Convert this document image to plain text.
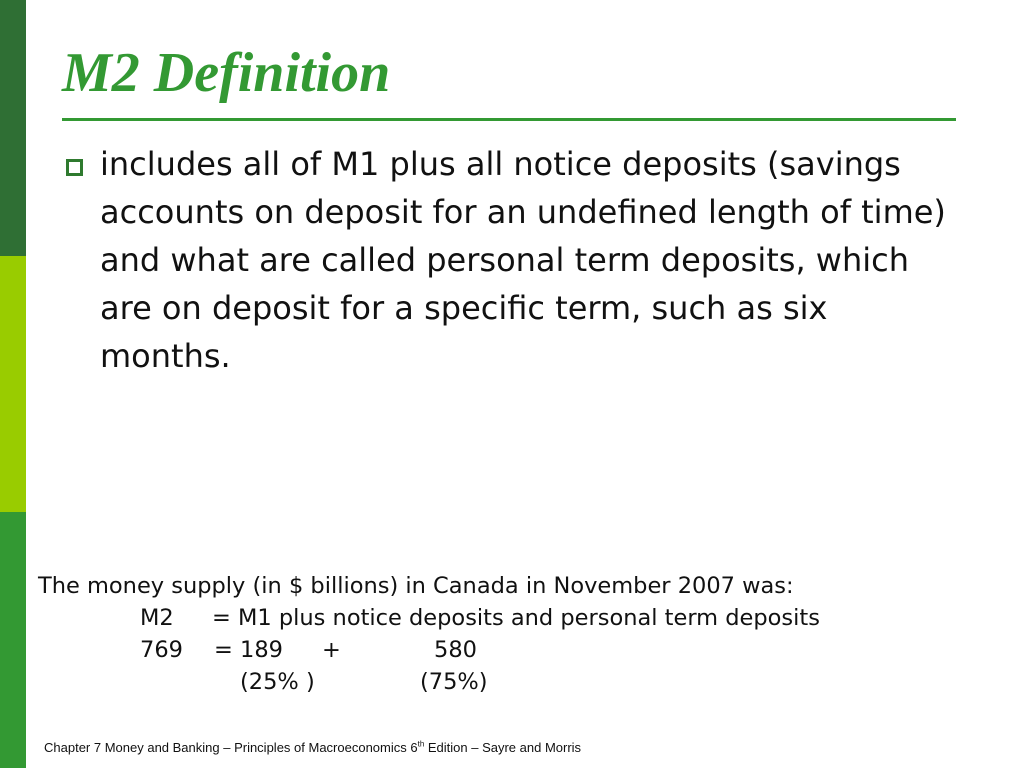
M2 Definition

includes all of M1 plus all notice deposits (savings accounts on deposit for an undefined length of time) and what are called personal term deposits, which are on deposit for a specific term, such as six months.

The money supply (in $ billions) in Canada in November 2007 was:
M2 = M1 plus notice deposits and personal term deposits
769 = 189 +	580
(25% )	(75%)
Chapter 7 Money and Banking – Principles of Macroeconomics 6th Edition – Sayre and Morris
